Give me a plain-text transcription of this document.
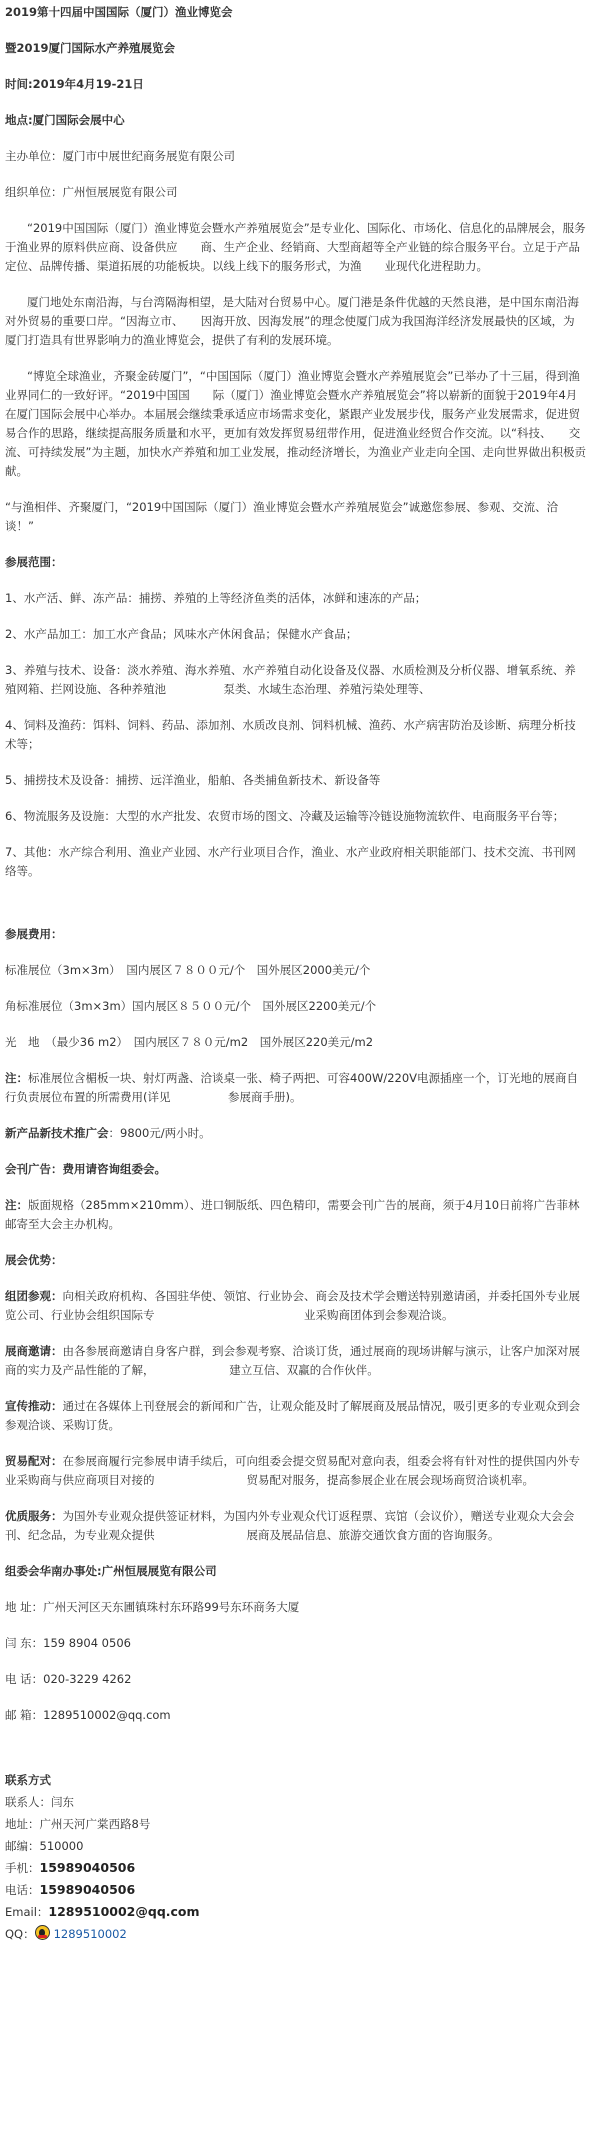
2019第十四届中国国际（厦门）渔业博览会

暨2019厦门国际水产养殖展览会

时间:2019年4月19-21日

地点:厦门国际会展中心

主办单位：厦门市中展世纪商务展览有限公司

组织单位：广州恒展展览有限公司

“2019中国国际（厦门）渔业博览会暨水产养殖展览会”是专业化、国际化、市场化、信息化的品牌展会，服务于渔业界的原料供应商、设备供应　　商、生产企业、经销商、大型商超等全产业链的综合服务平台。立足于产品定位、品牌传播、渠道拓展的功能板块。以线上线下的服务形式，为渔　　业现代化进程助力。

厦门地处东南沿海，与台湾隔海相望，是大陆对台贸易中心。厦门港是条件优越的天然良港，是中国东南沿海对外贸易的重要口岸。“因海立市、　　因海开放、因海发展”的理念使厦门成为我国海洋经济发展最快的区域，为厦门打造具有世界影响力的渔业博览会，提供了有利的发展环境。

“博览全球渔业，齐聚金砖厦门”，“中国国际（厦门）渔业博览会暨水产养殖展览会”已举办了十三届，得到渔业界同仁的一致好评。“2019中国国　　际（厦门）渔业博览会暨水产养殖展览会”将以崭新的面貌于2019年4月在厦门国际会展中心举办。本届展会继续秉承适应市场需求变化，紧跟产业发展步伐，服务产业发展需求，促进贸易合作的思路，继续提高服务质量和水平，更加有效发挥贸易纽带作用，促进渔业经贸合作交流。以“科技、　　交流、可持续发展”为主题，加快水产养殖和加工业发展，推动经济增长，为渔业产业走向全国、走向世界做出积极贡献。

“与渔相伴、齐聚厦门，“2019中国国际（厦门）渔业博览会暨水产养殖展览会”诚邀您参展、参观、交流、洽谈！”

参展范围：

1、水产活、鲜、冻产品：捕捞、养殖的上等经济鱼类的活体，冰鲜和速冻的产品；

2、水产品加工：加工水产食品；风味水产休闲食品；保健水产食品；

3、养殖与技术、设备：淡水养殖、海水养殖、水产养殖自动化设备及仪器、水质检测及分析仪器、增氧系统、养殖网箱、拦网设施、各种养殖池　　　　　泵类、水域生态治理、养殖污染处理等、

4、饲料及渔药：饵料、饲料、药品、添加剂、水质改良剂、饲料机械、渔药、水产病害防治及诊断、病理分析技术等；

5、捕捞技术及设备：捕捞、远洋渔业，船舶、各类捕鱼新技术、新设备等

6、物流服务及设施：大型的水产批发、农贸市场的图文、冷藏及运输等冷链设施物流软件、电商服务平台等；

7、其他：水产综合利用、渔业产业园、水产行业项目合作，渔业、水产业政府相关职能部门、技术交流、书刊网络等。

参展费用：

标准展位（3m×3m）　国内展区７８００元/个　国外展区2000美元/个

角标准展位（3m×3m）国内展区８５００元/个　国外展区2200美元/个

光　地　（最少36 m2）　国内展区７８０元/m2　国外展区220美元/m2

注：标准展位含楣板一块、射灯两盏、洽谈桌一张、椅子两把、可容400W/220V电源插座一个，订光地的展商自行负责展位布置的所需费用(详见　　　　　参展商手册)。

新产品新技术推广会：9800元/两小时。

会刊广告：费用请咨询组委会。

注：版面规格（285mm×210mm）、进口铜版纸、四色精印，需要会刊广告的展商，须于4月10日前将广告菲林邮寄至大会主办机构。

展会优势：

组团参观：向相关政府机构、各国驻华使、领馆、行业协会、商会及技术学会赠送特别邀请函，并委托国外专业展览公司、行业协会组织国际专　　　　　　　　　　　　　业采购商团体到会参观洽谈。

展商邀请：由各参展商邀请自身客户群，到会参观考察、洽谈订货，通过展商的现场讲解与演示，让客户加深对展商的实力及产品性能的了解，　　　　　　　建立互信、双赢的合作伙伴。

宣传推动：通过在各媒体上刊登展会的新闻和广告，让观众能及时了解展商及展品情况，吸引更多的专业观众到会参观洽谈、采购订货。

贸易配对：在参展商履行完参展申请手续后，可向组委会提交贸易配对意向表，组委会将有针对性的提供国内外专业采购商与供应商项目对接的　　　　　　　　贸易配对服务，提高参展企业在展会现场商贸洽谈机率。

优质服务：为国外专业观众提供签证材料，为国内外专业观众代订返程票、宾馆（会议价），赠送专业观众大会会刊、纪念品，为专业观众提供　　　　　　　　展商及展品信息、旅游交通饮食方面的咨询服务。

组委会华南办事处:广州恒展展览有限公司

地 址：广州天河区天东圃镇珠村东环路99号东环商务大厦

闫 东：159 8904 0506

电 话：020-3229 4262

邮 箱：1289510002@qq.com

联系方式

联系人：闫东

地址：广州天河广棠西路8号

邮编：510000

手机：15989040506

电话：15989040506

Email：1289510002@qq.com

QQ： 1289510002
